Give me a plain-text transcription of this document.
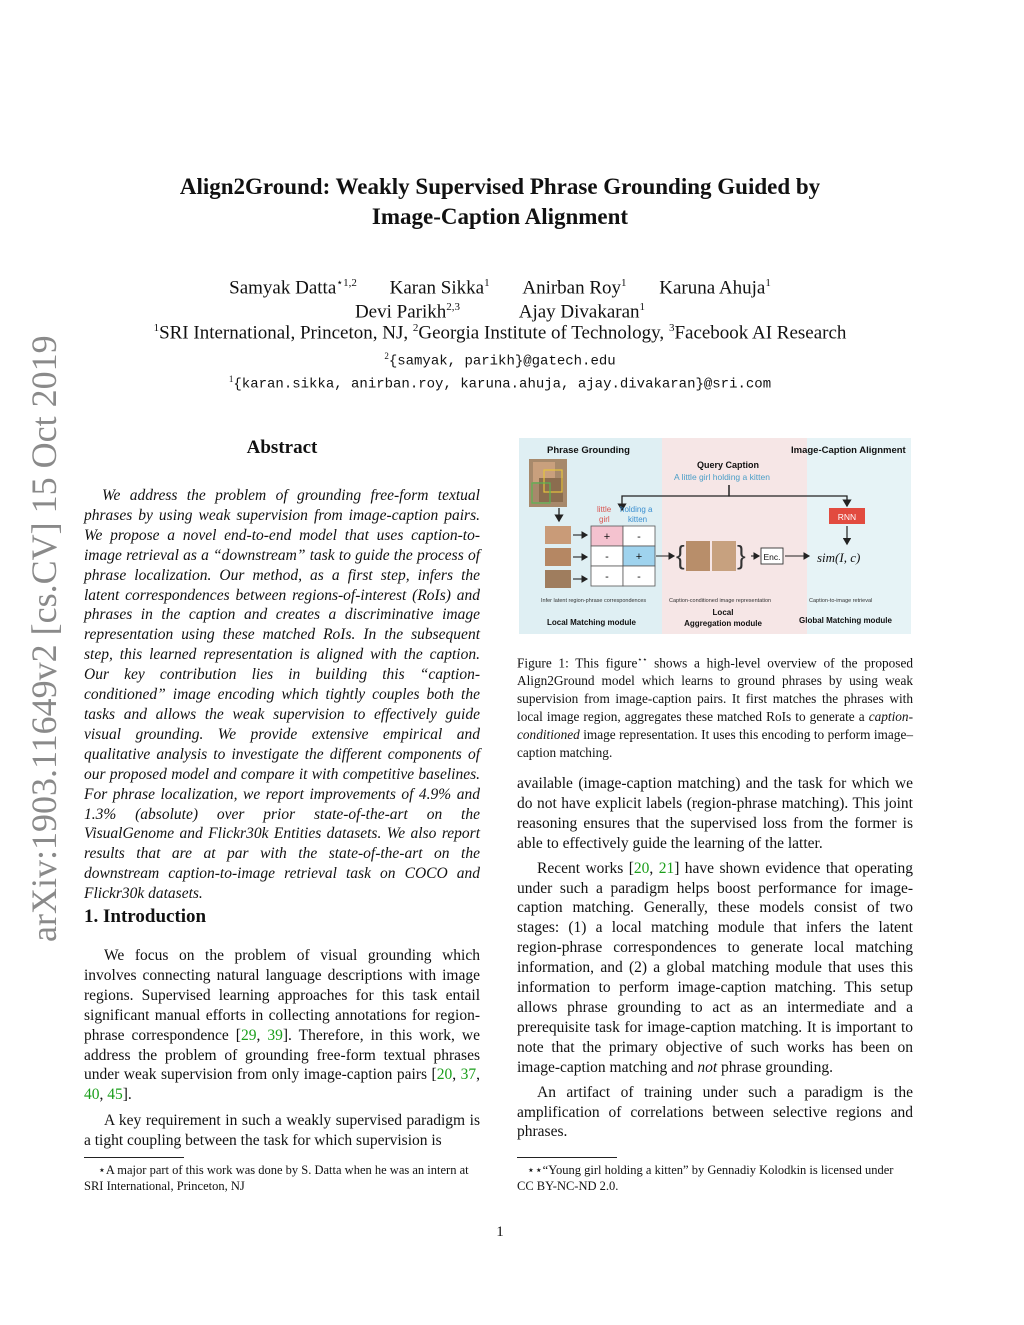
arXiv:1903.11649v2 [cs.CV] 15 Oct 2019
Align2Ground: Weakly Supervised Phrase Grounding Guided by
Image-Caption Alignment
Samyak Datta$^{⋆1,2}$ Karan Sikka$^1$ Anirban Roy$^1$ Karuna Ahuja$^1$
Devi Parikh$^{2,3}$	Ajay Divakaran$^1$
$^1$SRI International, Princeton, NJ, $^2$Georgia Institute of Technology, $^3$Facebook AI Research
$^2${samyak, parikh}@gatech.edu
$^1${karan.sikka, anirban.roy, karuna.ahuja, ajay.divakaran}@sri.com
Abstract
We address the problem of grounding free-form textual phrases by using weak supervision from image-caption pairs. We propose a novel end-to-end model that uses caption-to-image retrieval as a “downstream” task to guide the process of phrase localization. Our method, as a first step, infers the latent correspondences between regions-of-interest (RoIs) and phrases in the caption and creates a discriminative image representation using these matched RoIs. In the subsequent step, this learned representation is aligned with the caption. Our key contribution lies in building this “caption-conditioned” image encoding which tightly couples both the tasks and allows the weak supervision to effectively guide visual grounding. We provide extensive empirical and qualitative analysis to investigate the different components of our proposed model and compare it with competitive baselines. For phrase localization, we report improvements of 4.9% and 1.3% (absolute) over prior state-of-the-art on the VisualGenome and Flickr30k Entities datasets. We also report results that are at par with the state-of-the-art on the downstream caption-to-image retrieval task on COCO and Flickr30k datasets.
1. Introduction

We focus on the problem of visual grounding which involves connecting natural language descriptions with image regions. Supervised learning approaches for this task entail significant manual efforts in collecting annotations for region-phrase correspondence [29, 39]. Therefore, in this work, we address the problem of grounding free-form textual phrases under weak supervision from only image-caption pairs [20, 37, 40, 45].

A key requirement in such a weakly supervised paradigm is a tight coupling between the task for which supervision is

⋆A major part of this work was done by S. Datta when he was an intern at SRI International, Princeton, NJ
Phrase Grounding	Image-Caption Alignment
Query Caption
A little girl holding a kitten
little
girl
holding a
kitten
+ -
- +
-	-
{ } Enc.
RNN
sim(I, c)
Infer latent region-phrase correspondences	Caption-conditioned image representation	Caption-to-image retrieval
Local Matching module
Local
Aggregation module	Global Matching module
Figure 1: This figure⋆⋆ shows a high-level overview of the proposed Align2Ground model which learns to ground phrases by using weak supervision from image-caption pairs. It first matches the phrases with local image region, aggregates these matched RoIs to generate a caption-conditioned image representation. It uses this encoding to perform image–caption matching.

available (image-caption matching) and the task for which we do not have explicit labels (region-phrase matching). This joint reasoning ensures that the supervised loss from the former is able to effectively guide the learning of the latter.

Recent works [20, 21] have shown evidence that operating under such a paradigm helps boost performance for image-caption matching. Generally, these models consist of two stages: (1) a local matching module that infers the latent region-phrase correspondences to generate local matching information, and (2) a global matching module that uses this information to perform image-caption matching. This setup allows phrase grounding to act as an intermediate and a prerequisite task for image-caption matching. It is important to note that the primary objective of such works has been on image-caption matching and not phrase grounding.

An artifact of training under such a paradigm is the amplification of correlations between selective regions and phrases.

⋆⋆“Young girl holding a kitten” by Gennadiy Kolodkin is licensed under CC BY-NC-ND 2.0.
1
